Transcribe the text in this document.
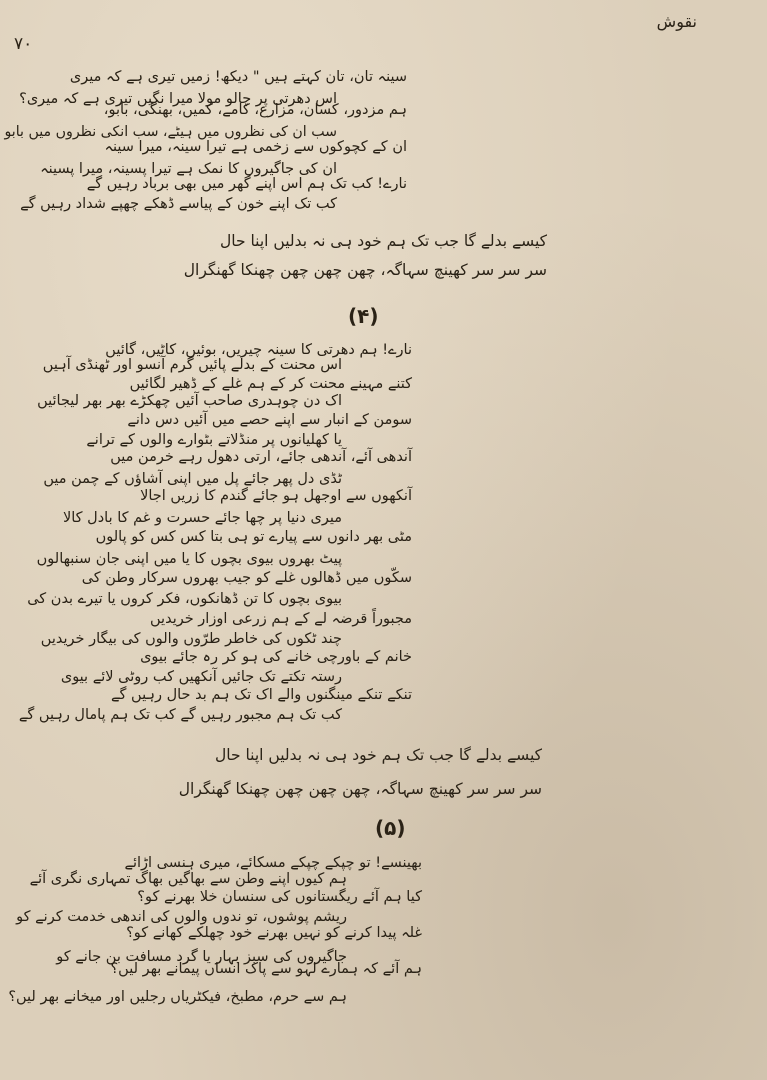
نقوش
۷۰
سینہ تان، تان کہتے ہیں " دیکھ! زمیں تیری ہے کہ میری
ہم مزدور، کسان، مزارع، کامے، کمیں، بھنگی، بابو،
ان کے کچوکوں سے زخمی ہے تیرا سینہ، میرا سینہ
نارے! کب تک ہم اس اپنے گھر میں بھی برباد رہیں گے
اس دھرتی پر چالو مولا میرا نگیں تیری ہے کہ میری؟
سب ان کی نظروں میں ہیٹے، سب انکی نظروں میں بابو
ان کی جاگیروں کا نمک ہے تیرا پسینہ، میرا پسینہ
کب تک اپنے خون کے پیاسے ڈھکے چھپے شداد رہیں گے
کیسے بدلے گا جب تک ہم خود ہی نہ بدلیں اپنا حال
سر سر سر کھینچ سہاگہ، چھن چھن چھن چھنکا گھنگرال
(۴)
نارے! ہم دھرتی کا سینہ چیریں، بوئیں، کاٹیں، گائیں
کتنے مہینے محنت کر کے ہم غلے کے ڈھیر لگائیں
سومن کے انبار سے اپنے حصے میں آئیں دس دانے
آندھی آئے، آندھی جائے، ارتی دھول رہے خرمن میں
آنکھوں سے اوجھل ہو جائے گندم کا زریں اجالا
مٹی بھر دانوں سے پیارے تو ہی بتا کس کس کو پالوں
سکّوں میں ڈھالوں غلے کو جیب بھروں سرکار وطن کی
مجبوراً قرضہ لے کے ہم زرعی اوزار خریدیں
خانم کے باورچی خانے کی ہو کر رہ جائے بیوی
تنکے تنکے مینگنوں والے اک تک ہم بد حال رہیں گے
اس محنت کے بدلے پائیں گرم آنسو اور ٹھنڈی آہیں
اک دن چوہدری صاحب آئیں چھکڑے بھر بھر لیجائیں
یا کھلیانوں پر منڈلاتے بٹوارے والوں کے ترانے
ٹڈی دل پھر جائے پل میں اپنی آشاؤں کے چمن میں
میری دنیا پر چھا جائے حسرت و غم کا بادل کالا
پیٹ بھروں بیوی بچوں کا یا میں اپنی جان سنبھالوں
بیوی بچوں کا تن ڈھانکوں، فکر کروں یا تیرے بدن کی
چند ٹکوں کی خاطر طرّوں والوں کی بیگار خریدیں
رستہ تکتے تک جائیں آنکھیں کب روٹی لائے بیوی
کب تک ہم مجبور رہیں گے کب تک ہم پامال رہیں گے
کیسے بدلے گا جب تک ہم خود ہی نہ بدلیں اپنا حال
سر سر سر کھینچ سہاگہ، چھن چھن چھن چھنکا گھنگرال
(۵)
بھینسے! تو چپکے چپکے مسکائے، میری ہنسی اڑائے
کیا ہم آئے ریگستانوں کی سنسان خلا بھرنے کو؟
غلہ پیدا کرنے کو نہیں بھرنے خود چھلکے کھانے کو؟
ہم آئے کہ ہمارے لہو سے پاک انساں پیمانے بھر لیں؟
ہم کیوں اپنے وطن سے بھاگیں بھاگ تمہاری نگری آئے
ریشم پوشوں، تو ندوں والوں کی اندھی خدمت کرنے کو
جاگیروں کی سبز بہار یا گرد مسافت بن جانے کو
ہم سے حرم، مطبخ، فیکٹریاں رجلیں اور میخانے بھر لیں؟
